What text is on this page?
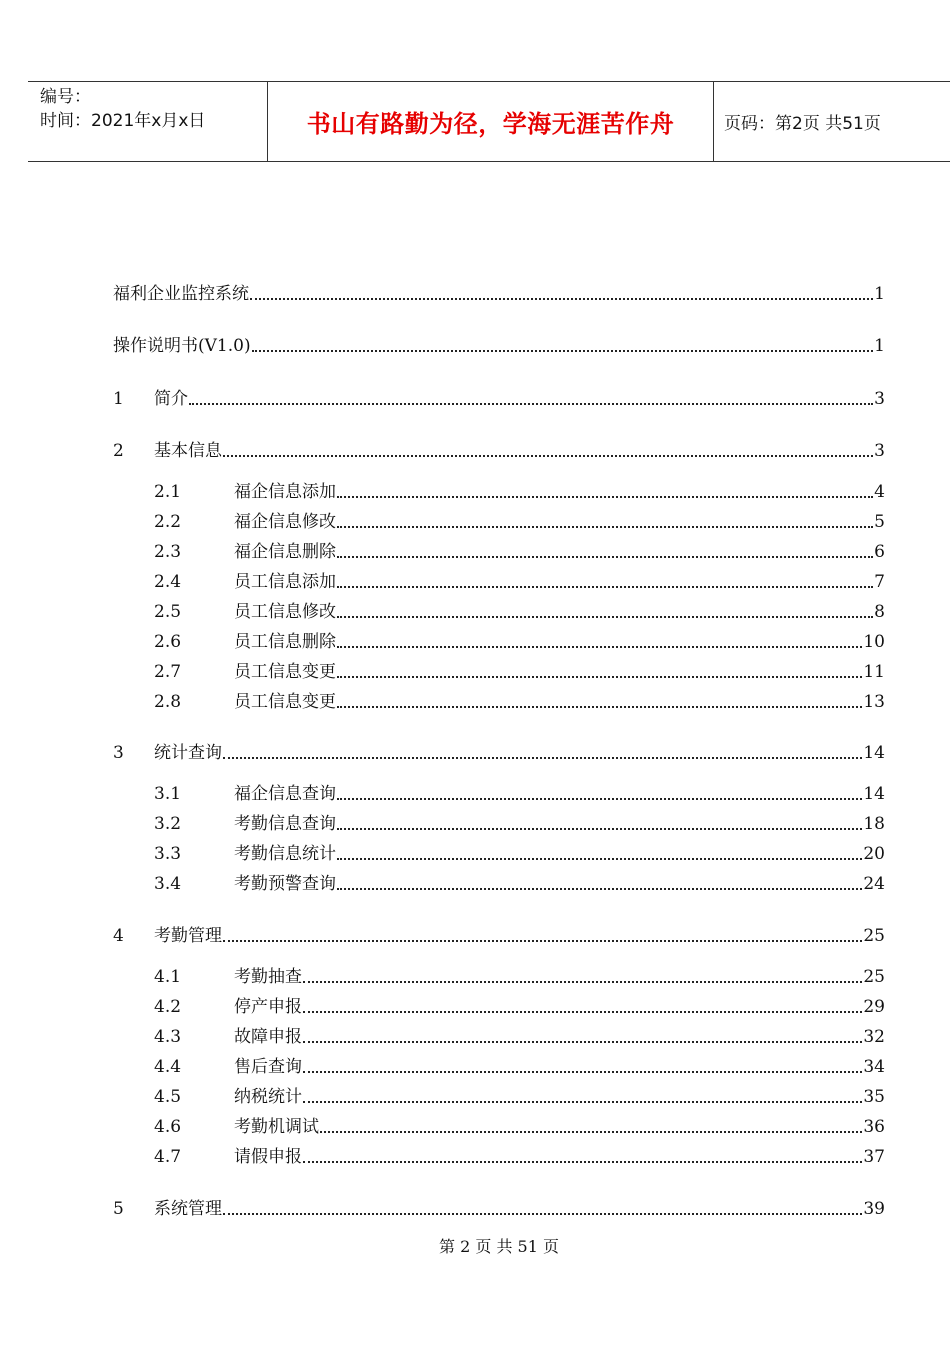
编号：
时间：2021年x月x日	书山有路勤为径，学海无涯苦作舟	页码：第2页 共51页
福利企业监控系统	1
操作说明书(V1.0)	1
1	简介	3
2	基本信息	3
2.1	福企信息添加	4
2.2	福企信息修改	5
2.3	福企信息删除	6
2.4	员工信息添加	7
2.5	员工信息修改	8
2.6	员工信息删除	10
2.7	员工信息变更	11
2.8	员工信息变更	13
3	统计查询	14
3.1	福企信息查询	14
3.2	考勤信息查询	18
3.3	考勤信息统计	20
3.4	考勤预警查询	24
4	考勤管理	25
4.1	考勤抽查	25
4.2	停产申报	29
4.3	故障申报	32
4.4	售后查询	34
4.5	纳税统计	35
4.6	考勤机调试	36
4.7	请假申报	37
5	系统管理	39
第 2 页 共 51 页
